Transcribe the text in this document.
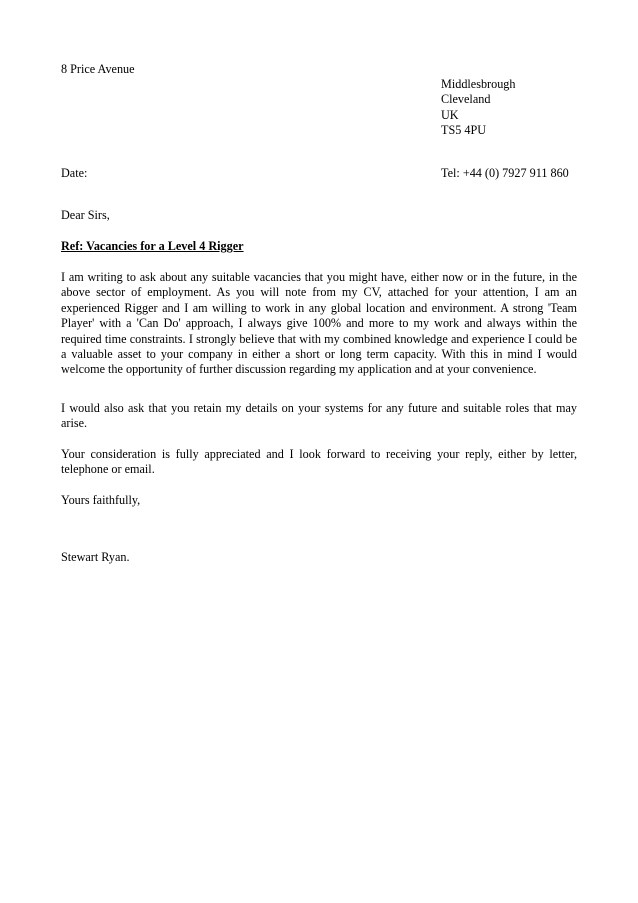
8 Price Avenue
Middlesbrough
Cleveland
UK
TS5 4PU
Date:	Tel: +44 (0) 7927 911 860
Dear Sirs,
Ref: Vacancies for a Level 4 Rigger
I am writing to ask about any suitable vacancies that you might have, either now or in the future, in the above sector of employment. As you will note from my CV, attached for your attention, I am an experienced Rigger and I am willing to work in any global location and environment. A strong 'Team Player' with a 'Can Do' approach, I always give 100% and more to my work and always within the required time constraints. I strongly believe that with my combined knowledge and experience I could be a valuable asset to your company in either a short or long term capacity. With this in mind I would welcome the opportunity of further discussion regarding my application and at your convenience.
I would also ask that you retain my details on your systems for any future and suitable roles that may arise.
Your consideration is fully appreciated and I look forward to receiving your reply, either by letter, telephone or email.
Yours faithfully,
Stewart Ryan.
